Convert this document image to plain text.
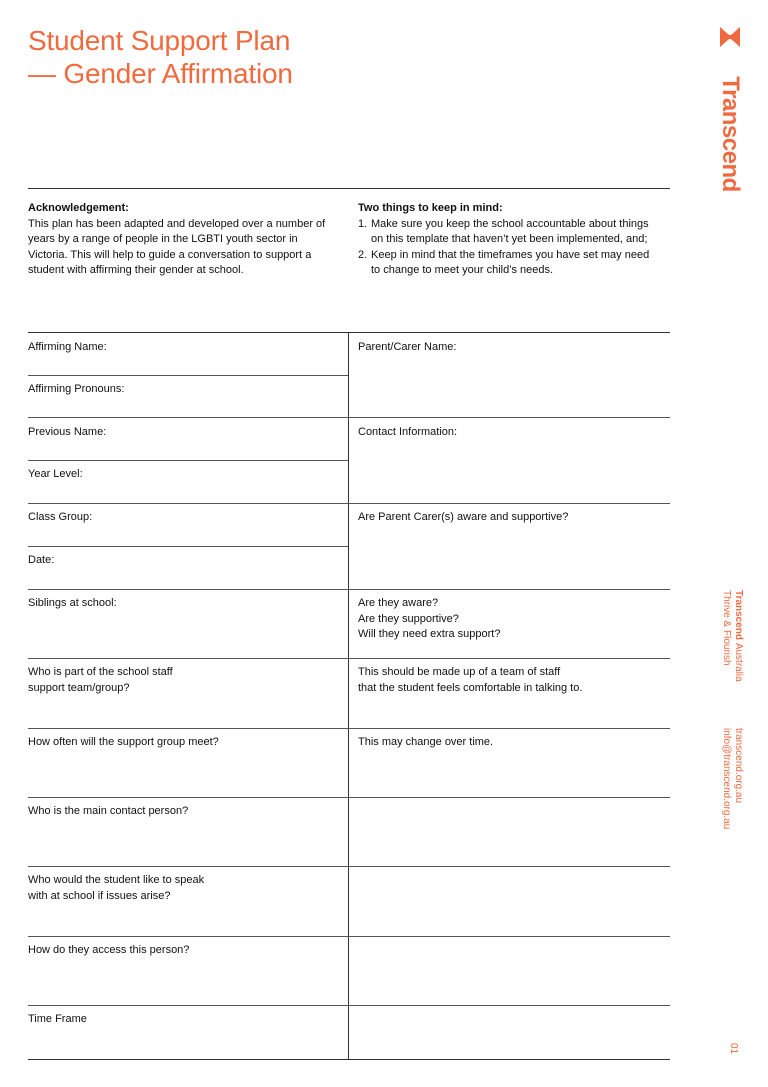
Student Support Plan
— Gender Affirmation
Transcend
Acknowledgement:

This plan has been adapted and developed over a number of years by a range of people in the LGBTI youth sector in Victoria. This will help to guide a conversation to support a student with affirming their gender at school.

Two things to keep in mind:
1. Make sure you keep the school accountable about things on this template that haven’t yet been implemented, and;
2. Keep in mind that the timeframes you have set may need to change to meet your child’s needs.
Affirming Name:
Affirming Pronouns:
Previous Name:
Year Level:
Class Group:
Date:
Siblings at school:
Who is part of the school staff
support team/group?
How often will the support group meet?
Who is the main contact person?
Who would the student like to speak
with at school if issues arise?
How do they access this person?
Time Frame
Parent/Carer Name:
Contact Information:
Are Parent Carer(s) aware and supportive?
Are they aware?
Are they supportive?
Will they need extra support?
This should be made up of a team of staff
that the student feels comfortable in talking to.
This may change over time.
Transcend Australia
Thrive & Flourish
transcend.org.au
info@transcend.org.au
01
